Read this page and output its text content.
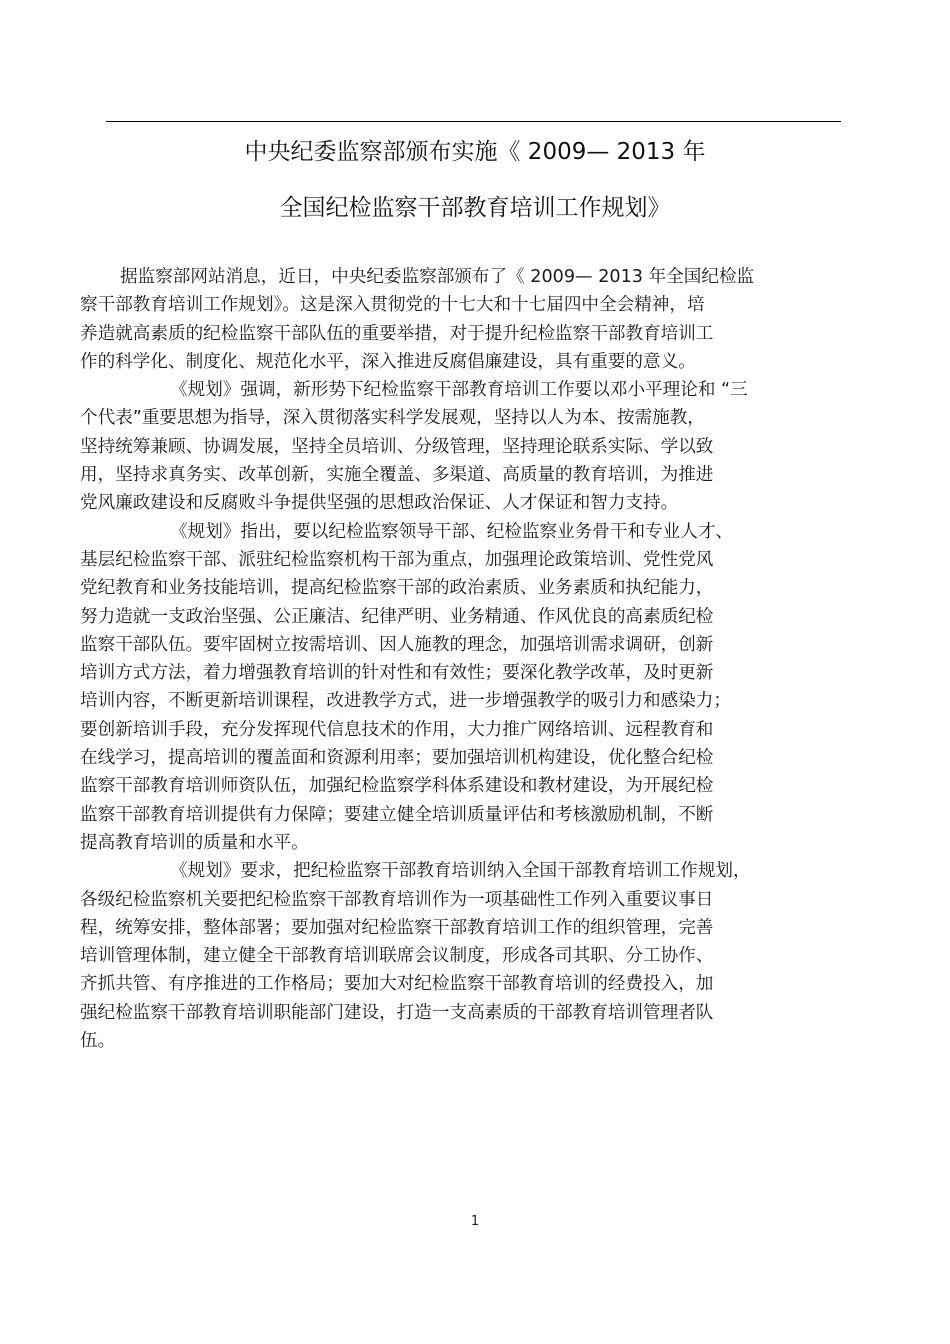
中央纪委监察部颁布实施《 2009— 2013 年
全国纪检监察干部教育培训工作规划》
据监察部网站消息，近日，中央纪委监察部颁布了《 2009— 2013 年全国纪检监
察干部教育培训工作规划》。这是深入贯彻党的十七大和十七届四中全会精神，培
养造就高素质的纪检监察干部队伍的重要举措，对于提升纪检监察干部教育培训工
作的科学化、制度化、规范化水平，深入推进反腐倡廉建设，具有重要的意义。
《规划》强调，新形势下纪检监察干部教育培训工作要以邓小平理论和 “三
个代表”重要思想为指导，深入贯彻落实科学发展观，坚持以人为本、按需施教，
坚持统筹兼顾、协调发展，坚持全员培训、分级管理，坚持理论联系实际、学以致
用，坚持求真务实、改革创新，实施全覆盖、多渠道、高质量的教育培训，为推进
党风廉政建设和反腐败斗争提供坚强的思想政治保证、人才保证和智力支持。
《规划》指出，要以纪检监察领导干部、纪检监察业务骨干和专业人才、
基层纪检监察干部、派驻纪检监察机构干部为重点，加强理论政策培训、党性党风
党纪教育和业务技能培训，提高纪检监察干部的政治素质、业务素质和执纪能力，
努力造就一支政治坚强、公正廉洁、纪律严明、业务精通、作风优良的高素质纪检
监察干部队伍。要牢固树立按需培训、因人施教的理念，加强培训需求调研，创新
培训方式方法，着力增强教育培训的针对性和有效性；要深化教学改革，及时更新
培训内容，不断更新培训课程，改进教学方式，进一步增强教学的吸引力和感染力；
要创新培训手段，充分发挥现代信息技术的作用，大力推广网络培训、远程教育和
在线学习，提高培训的覆盖面和资源利用率；要加强培训机构建设，优化整合纪检
监察干部教育培训师资队伍，加强纪检监察学科体系建设和教材建设，为开展纪检
监察干部教育培训提供有力保障；要建立健全培训质量评估和考核激励机制，不断
提高教育培训的质量和水平。
《规划》要求，把纪检监察干部教育培训纳入全国干部教育培训工作规划，
各级纪检监察机关要把纪检监察干部教育培训作为一项基础性工作列入重要议事日
程，统筹安排，整体部署；要加强对纪检监察干部教育培训工作的组织管理，完善
培训管理体制，建立健全干部教育培训联席会议制度，形成各司其职、分工协作、
齐抓共管、有序推进的工作格局；要加大对纪检监察干部教育培训的经费投入，加
强纪检监察干部教育培训职能部门建设，打造一支高素质的干部教育培训管理者队
伍。
1
